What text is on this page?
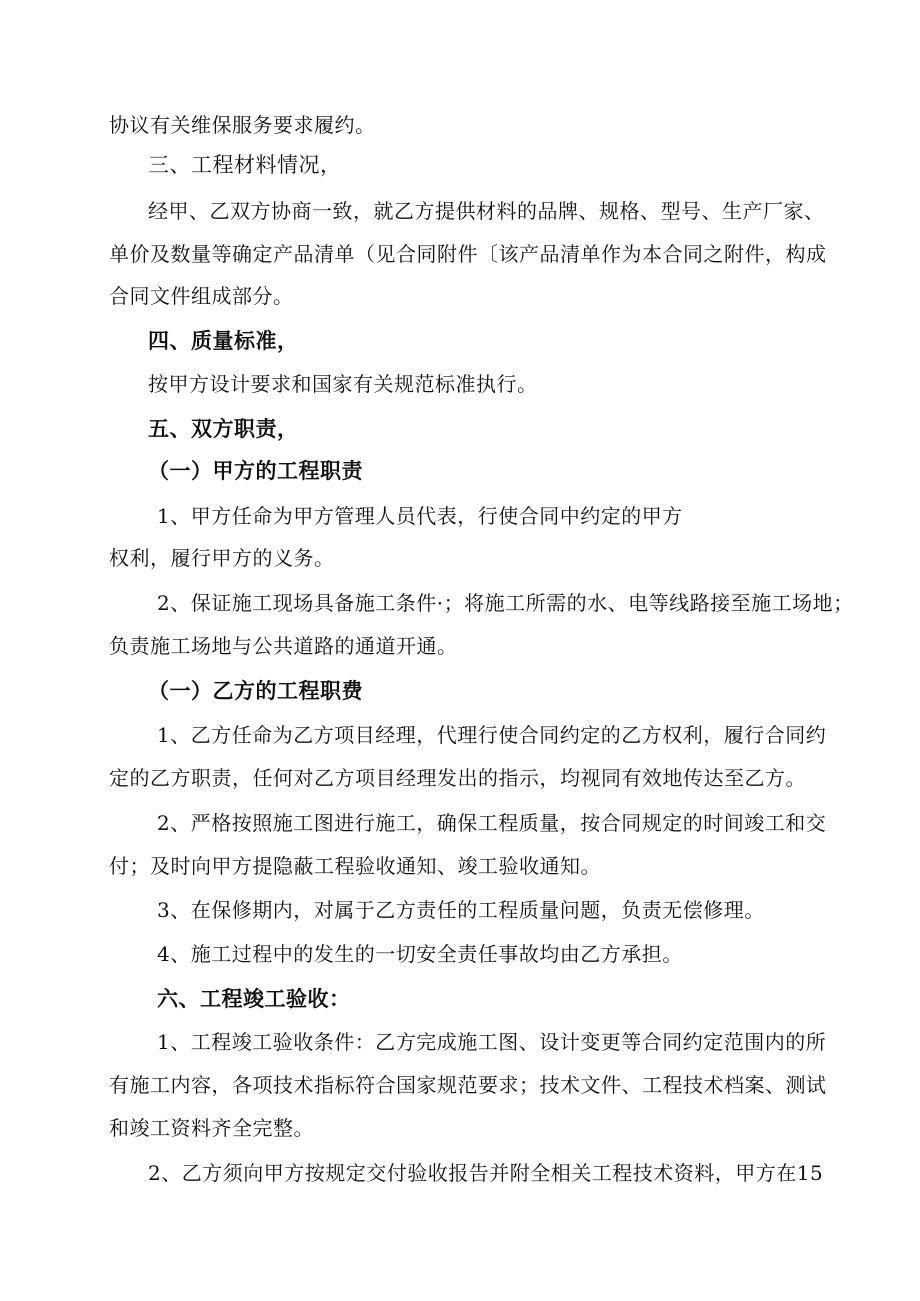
协议有关维保服务要求履约。
三、工程材料情况，
经甲、乙双方协商一致，就乙方提供材料的品牌、规格、型号、生产厂家、
单价及数量等确定产品清单（见合同附件〔该产品清单作为本合同之附件，构成
合同文件组成部分。
四、质量标准，
按甲方设计要求和国家有关规范标准执行。
五、双方职责，
（一）甲方的工程职责
1、甲方任命为甲方管理人员代表，行使合同中约定的甲方
权利，履行甲方的义务。
2、保证施工现场具备施工条件·；将施工所需的水、电等线路接至施工场地；
负责施工场地与公共道路的通道开通。
（一）乙方的工程职费
1、乙方任命为乙方项目经理，代理行使合同约定的乙方权利，履行合同约
定的乙方职责，任何对乙方项目经理发出的指示，均视同有效地传达至乙方。
2、严格按照施工图进行施工，确保工程质量，按合同规定的时间竣工和交
付；及时向甲方提隐蔽工程验收通知、竣工验收通知。
3、在保修期内，对属于乙方责任的工程质量问题，负责无偿修理。
4、施工过程中的发生的一切安全责任事故均由乙方承担。
六、工程竣工验收：
1、工程竣工验收条件：乙方完成施工图、设计变更等合同约定范围内的所
有施工内容，各项技术指标符合国家规范要求；技术文件、工程技术档案、测试
和竣工资料齐全完整。
2、乙方须向甲方按规定交付验收报告并附全相关工程技术资料，甲方在15
